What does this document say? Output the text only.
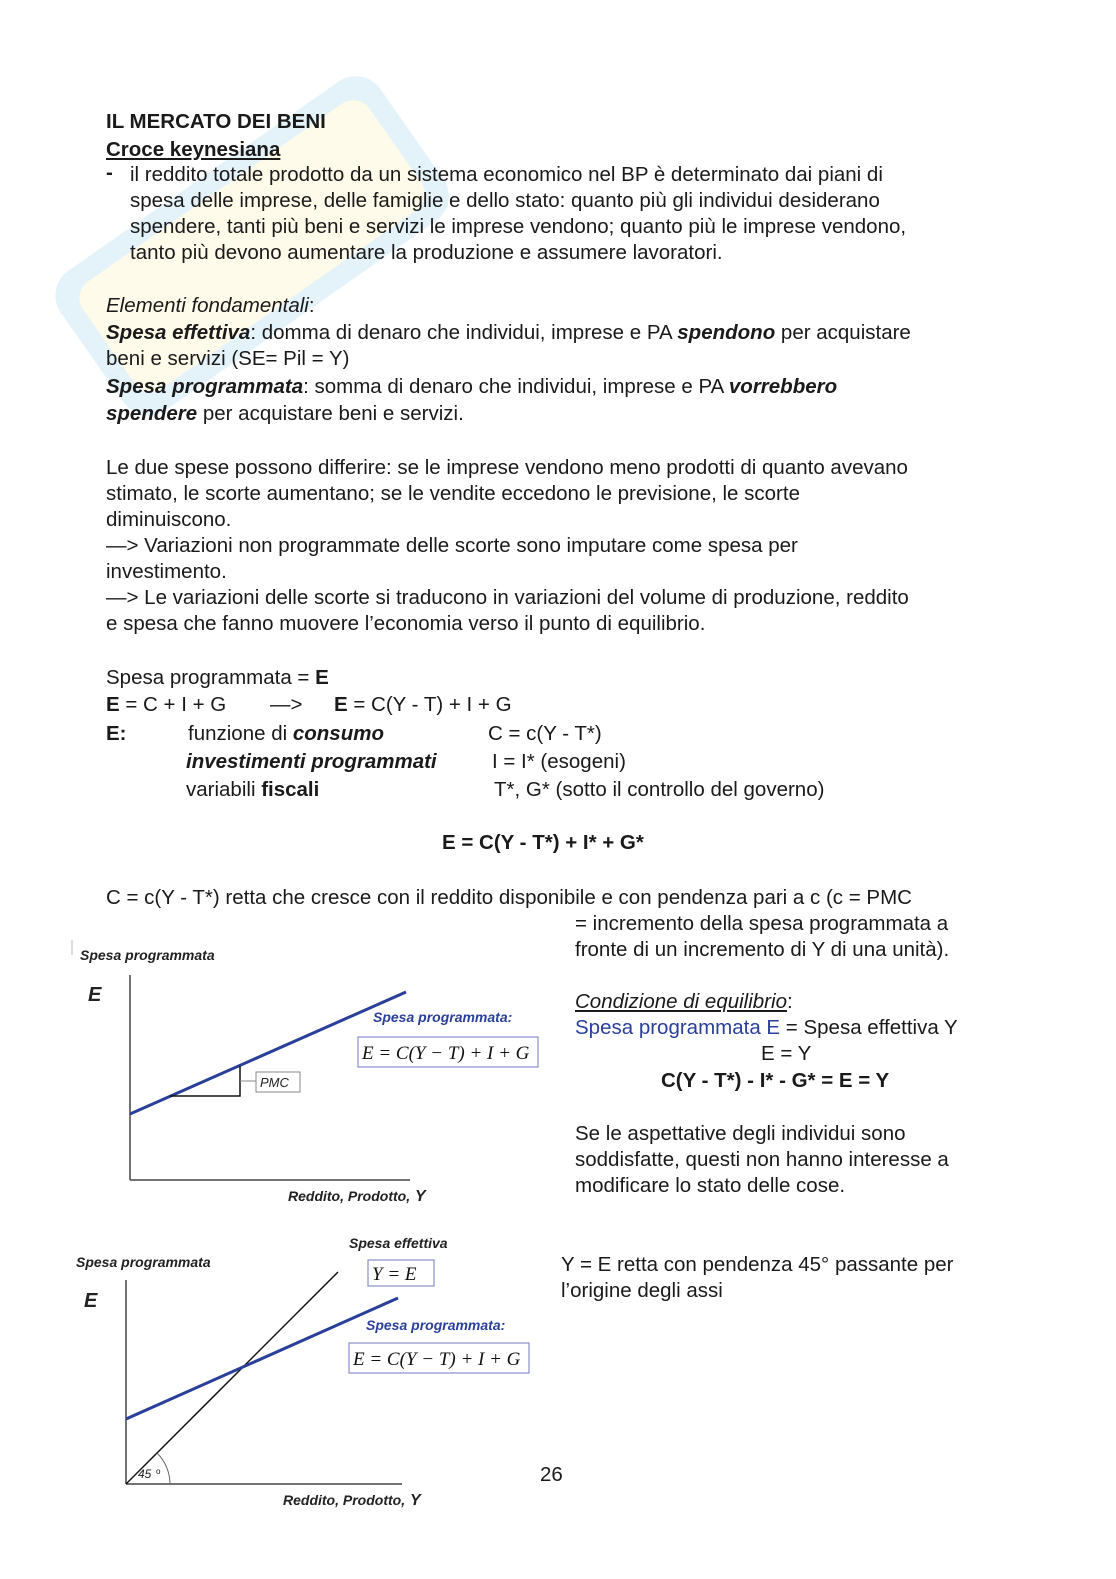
IL MERCATO DEI BENI
Croce keynesiana
- il reddito totale prodotto da un sistema economico nel BP è determinato dai piani di
spesa delle imprese, delle famiglie e dello stato: quanto più gli individui desiderano
spendere, tanti più beni e servizi le imprese vendono; quanto più le imprese vendono,
tanto più devono aumentare la produzione e assumere lavoratori.
Elementi fondamentali:
Spesa effettiva: domma di denaro che individui, imprese e PA spendono per acquistare
beni e servizi (SE= Pil = Y)
Spesa programmata: somma di denaro che individui, imprese e PA vorrebbero
spendere per acquistare beni e servizi.
Le due spese possono differire: se le imprese vendono meno prodotti di quanto avevano
stimato, le scorte aumentano; se le vendite eccedono le previsione, le scorte
diminuiscono.
—> Variazioni non programmate delle scorte sono imputare come spesa per
investimento.
—> Le variazioni delle scorte si traducono in variazioni del volume di produzione, reddito
e spesa che fanno muovere l’economia verso il punto di equilibrio.
Spesa programmata = E
E = C + I + G —> E = C(Y - T) + I + G
E:	funzione di consumo	C = c(Y - T*)
investimenti programmati	I = I* (esogeni)
variabili fiscali	T*, G* (sotto il controllo del governo)
E = C(Y - T*) + I* + G*
C = c(Y - T*) retta che cresce con il reddito disponibile e con pendenza pari a c (c = PMC
= incremento della spesa programmata a
fronte di un incremento di Y di una unità).
Condizione di equilibrio:
Spesa programmata E = Spesa effettiva Y
E = Y
C(Y - T*) - I* - G* = E = Y
Se le aspettative degli individui sono
soddisfatte, questi non hanno interesse a
modificare lo stato delle cose.
Y = E retta con pendenza 45° passante per
l’origine degli assi
Spesa programmata
E
PMC
Spesa programmata:
E = C(Y − T) + I + G
Reddito, Prodotto, Y
Spesa programmata
E
45 o
Spesa effettiva
Y = E
Spesa programmata:
E = C(Y − T) + I + G
Reddito, Prodotto, Y
26
